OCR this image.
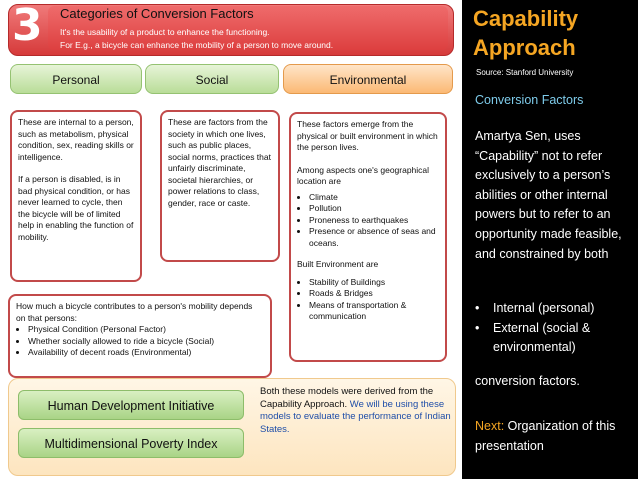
3 Categories of Conversion Factors
It's the usability of a product to enhance the functioning.
For E.g., a bicycle can enhance the mobility of a person to move around.
Personal	Social	Environmental

These are internal to a person, such as metabolism, physical condition, sex, reading skills or intelligence.

If a person is disabled, is in bad physical condition, or has never learned to cycle, then the bicycle will be of limited help in enabling the function of mobility.

These are factors from the society in which one lives, such as public places, social norms, practices that unfairly discriminate, societal hierarchies, or power relations to class, gender, race or caste.

These factors emerge from the physical or built environment in which the person lives.

Among aspects one's geographical location are
• Climate
• Pollution
• Proneness to earthquakes
• Presence or absence of seas and oceans.
Built Environment are
• Stability of Buildings
• Roads & Bridges
• Means of transportation & communication
How much a bicycle contributes to a person's mobility depends on that persons:
• Physical Condition (Personal Factor)
• Whether socially allowed to ride a bicycle (Social)
• Availability of decent roads (Environmental)
Human Development Initiative
Multidimensional Poverty Index
Both these models were derived from the Capability Approach. We will be using these models to evaluate the performance of Indian States.
Capability
Approach
Source: Stanford University
Conversion Factors
Amartya Sen, uses “Capability” not to refer exclusively to a person’s abilities or other internal powers but to refer to an opportunity made feasible, and constrained by both
• Internal (personal)
• External (social & environmental)
conversion factors.
Next: Organization of this presentation
